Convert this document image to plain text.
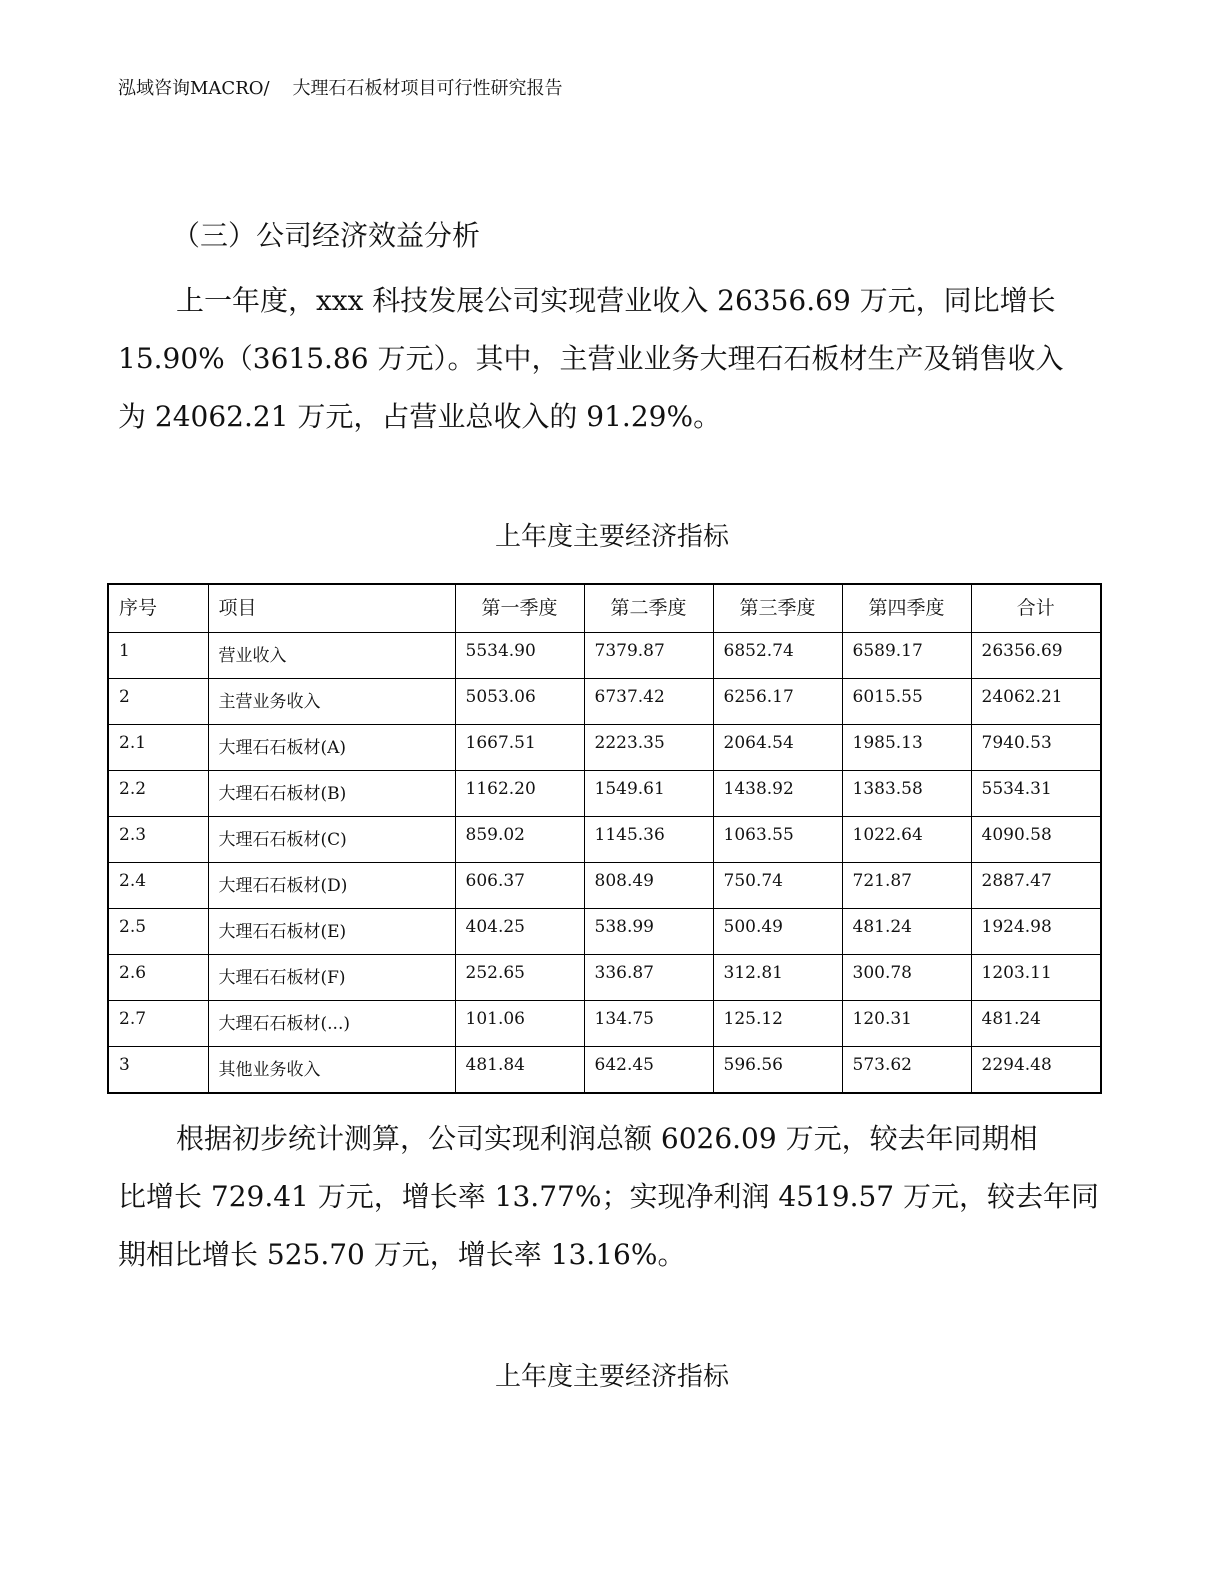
泓域咨询MACRO/ 大理石石板材项目可行性研究报告
（三）公司经济效益分析
上一年度，xxx 科技发展公司实现营业收入 26356.69 万元，同比增长
15.90%（3615.86 万元）。其中，主营业业务大理石石板材生产及销售收入
为 24062.21 万元，占营业总收入的 91.29%。
上年度主要经济指标
序号	项目	第一季度	第二季度	第三季度	第四季度	合计
1	营业收入	5534.90	7379.87	6852.74	6589.17	26356.69
2	主营业务收入	5053.06	6737.42	6256.17	6015.55	24062.21
2.1	大理石石板材(A)	1667.51	2223.35	2064.54	1985.13	7940.53
2.2	大理石石板材(B)	1162.20	1549.61	1438.92	1383.58	5534.31
2.3	大理石石板材(C)	859.02	1145.36	1063.55	1022.64	4090.58
2.4	大理石石板材(D)	606.37	808.49	750.74	721.87	2887.47
2.5	大理石石板材(E)	404.25	538.99	500.49	481.24	1924.98
2.6	大理石石板材(F)	252.65	336.87	312.81	300.78	1203.11
2.7	大理石石板材(...)	101.06	134.75	125.12	120.31	481.24
3	其他业务收入	481.84	642.45	596.56	573.62	2294.48
根据初步统计测算，公司实现利润总额 6026.09 万元，较去年同期相
比增长 729.41 万元，增长率 13.77%；实现净利润 4519.57 万元，较去年同
期相比增长 525.70 万元，增长率 13.16%。
上年度主要经济指标
